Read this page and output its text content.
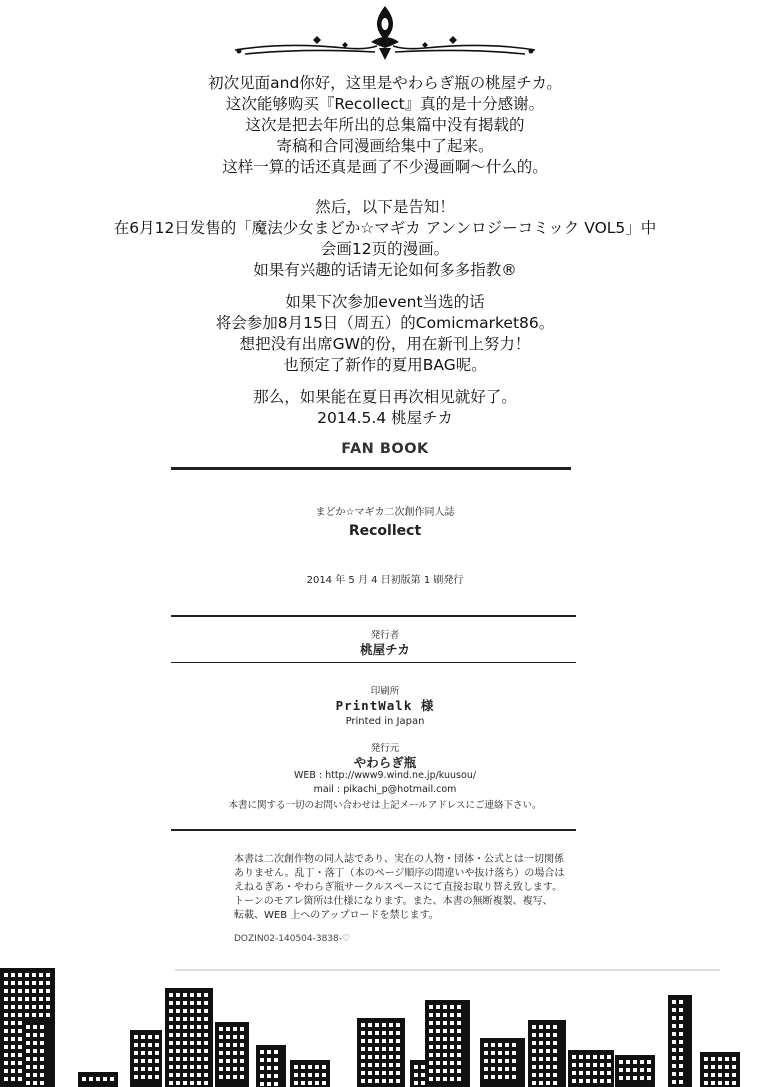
初次见面and你好，这里是やわらぎ瓶の桃屋チカ。

这次能够购买『Recollect』真的是十分感谢。

这次是把去年所出的总集篇中没有掲载的

寄稿和合同漫画给集中了起来。

这样一算的话还真是画了不少漫画啊～什么的。

然后，以下是告知！

在6月12日发售的「魔法少女まどか☆マギカ アンンロジーコミック VOL5」中

会画12页的漫画。

如果有兴趣的话请无论如何多多指教®

如果下次参加event当选的话

将会参加8月15日（周五）的Comicmarket86。

想把没有出席GW的份，用在新刊上努力！

也预定了新作的夏用BAG呢。

那么，如果能在夏日再次相见就好了。

2014.5.4 桃屋チカ

FAN BOOK
まどか☆マギカ二次創作同人誌
Recollect
2014 年 5 月 4 日初版第 1 刷発行
発行者
桃屋チカ
印刷所
PrintWalk 様
Printed in Japan
発行元
やわらぎ瓶
WEB : http://www9.wind.ne.jp/kuusou/
mail : pikachi_p@hotmail.com
本書に関する一切のお問い合わせは上記メールアドレスにご連絡下さい。

本書は二次創作物の同人誌であり、実在の人物・団体・公式とは一切関係

ありません。乱丁・落丁（本のページ順序の間違いや抜け落ち）の場合は

えねるぎあ・やわらぎ瓶サークルスペースにて直接お取り替え致します。

トーンのモアレ箇所は仕様になります。また、本書の無断複製、複写、

転載、WEB 上へのアップロードを禁じます。

DOZIN02-140504-3838-♡
